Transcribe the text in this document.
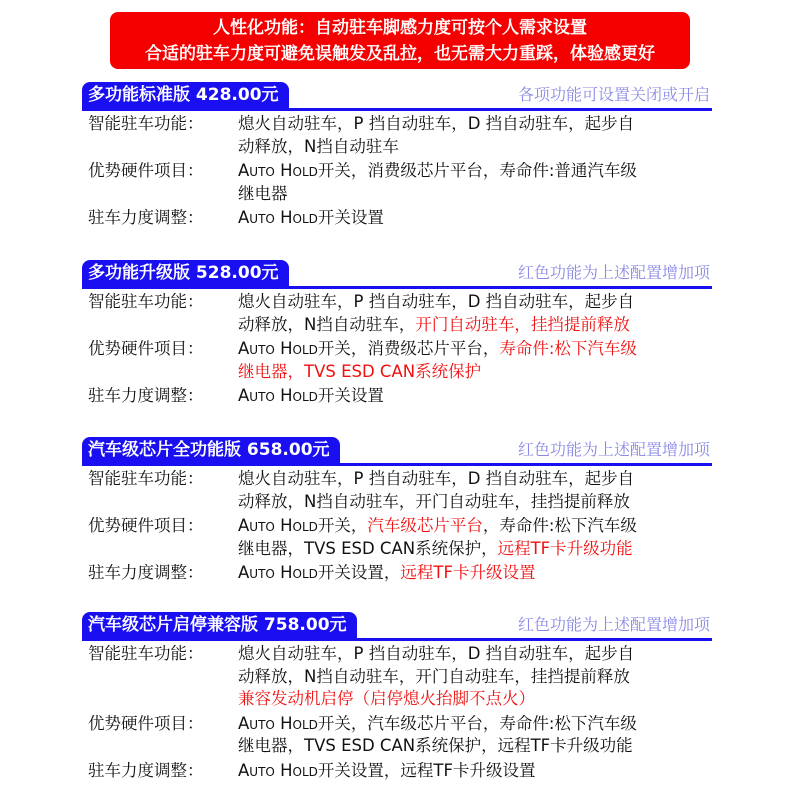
人性化功能：自动驻车脚感力度可按个人需求设置
合适的驻车力度可避免误触发及乱拉，也无需大力重踩，体验感更好
多功能标准版 428.00元	各项功能可设置关闭或开启
智能驻车功能：	熄火自动驻车，P 挡自动驻车，D 挡自动驻车，起步自
动释放，N挡自动驻车
优势硬件项目：	Auto Hold开关，消费级芯片平台，寿命件:普通汽车级
继电器
驻车力度调整：	Auto Hold开关设置
多功能升级版 528.00元	红色功能为上述配置增加项
智能驻车功能：	熄火自动驻车，P 挡自动驻车，D 挡自动驻车，起步自
动释放，N挡自动驻车，开门自动驻车，挂挡提前释放
优势硬件项目：	Auto Hold开关，消费级芯片平台，寿命件:松下汽车级
继电器，TVS ESD CAN系统保护
驻车力度调整：	Auto Hold开关设置
汽车级芯片全功能版 658.00元	红色功能为上述配置增加项
智能驻车功能：	熄火自动驻车，P 挡自动驻车，D 挡自动驻车，起步自
动释放，N挡自动驻车，开门自动驻车，挂挡提前释放
优势硬件项目：	Auto Hold开关，汽车级芯片平台，寿命件:松下汽车级
继电器，TVS ESD CAN系统保护，远程TF卡升级功能
驻车力度调整：	Auto Hold开关设置，远程TF卡升级设置
汽车级芯片启停兼容版 758.00元	红色功能为上述配置增加项
智能驻车功能：	熄火自动驻车，P 挡自动驻车，D 挡自动驻车，起步自
动释放，N挡自动驻车，开门自动驻车，挂挡提前释放
兼容发动机启停（启停熄火抬脚不点火）
优势硬件项目：	Auto Hold开关，汽车级芯片平台，寿命件:松下汽车级
继电器，TVS ESD CAN系统保护，远程TF卡升级功能
驻车力度调整：	Auto Hold开关设置，远程TF卡升级设置
